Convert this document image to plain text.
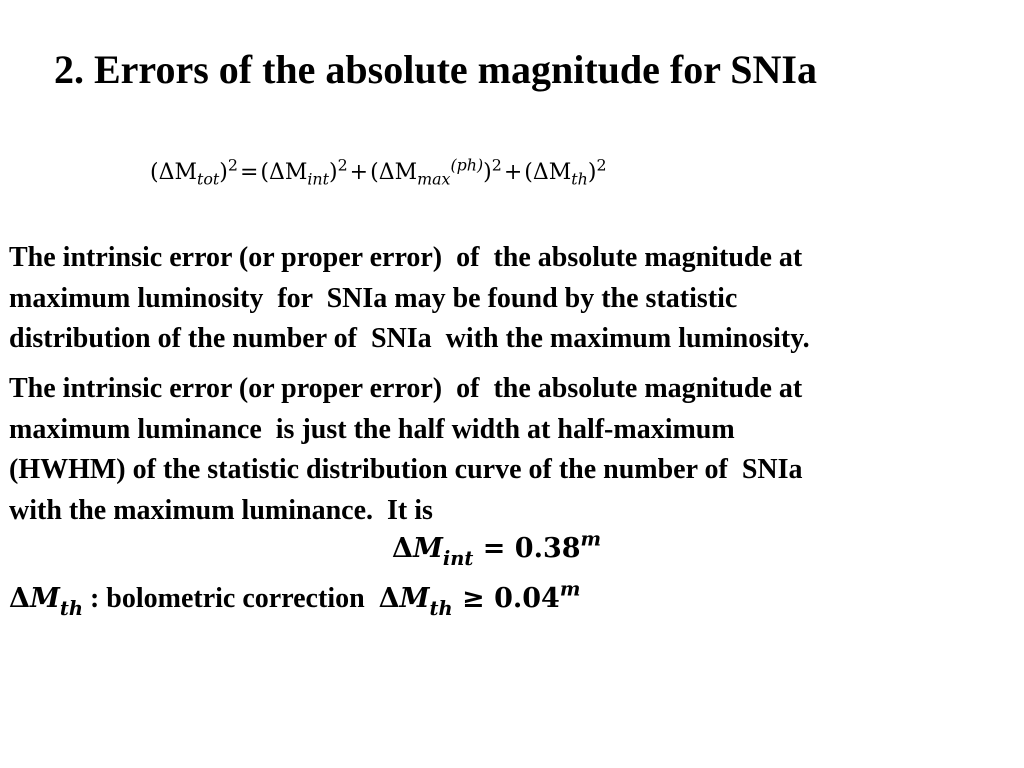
2. Errors of the absolute magnitude for SNIa
$(\Delta M_{tot})^2=(\Delta M_{int})^2+(\Delta M_{max}^{(ph)})^2+(\Delta M_{th})^2$
The intrinsic error (or proper error)  of  the absolute magnitude at
maximum luminosity  for  SNIa may be found by the statistic
distribution of the number of  SNIa  with the maximum luminosity.
The intrinsic error (or proper error)  of  the absolute magnitude at
maximum luminance  is just the half width at half-maximum
(HWHM) of the statistic distribution curve of the number of  SNIa
with the maximum luminance.  It is
$\Delta M_{int} = 0.38^m$
$\Delta M_{th}$ : bolometric correction $\Delta M_{th} \ge 0.04^m$
